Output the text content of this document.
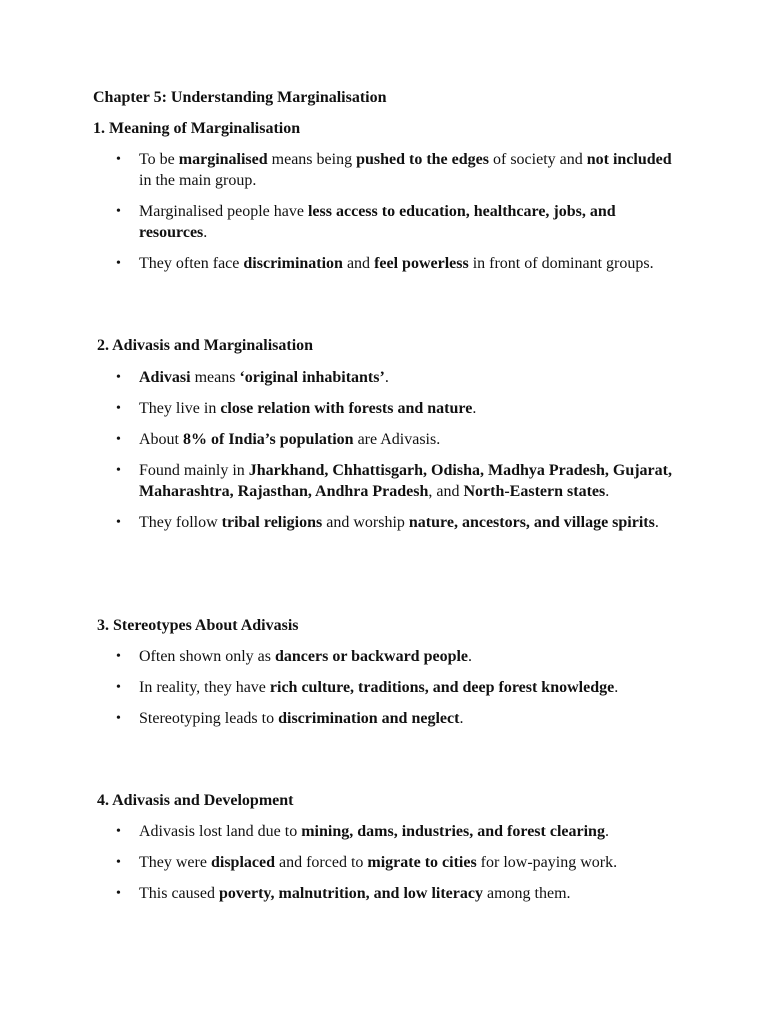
Chapter 5: Understanding Marginalisation
1. Meaning of Marginalisation
• To be marginalised means being pushed to the edges of society and not included in the main group.
• Marginalised people have less access to education, healthcare, jobs, and resources.
• They often face discrimination and feel powerless in front of dominant groups.
2. Adivasis and Marginalisation
• Adivasi means ‘original inhabitants’.
• They live in close relation with forests and nature.
• About 8% of India’s population are Adivasis.
• Found mainly in Jharkhand, Chhattisgarh, Odisha, Madhya Pradesh, Gujarat, Maharashtra, Rajasthan, Andhra Pradesh, and North-Eastern states.
• They follow tribal religions and worship nature, ancestors, and village spirits.
3. Stereotypes About Adivasis
• Often shown only as dancers or backward people.
• In reality, they have rich culture, traditions, and deep forest knowledge.
• Stereotyping leads to discrimination and neglect.
4. Adivasis and Development
• Adivasis lost land due to mining, dams, industries, and forest clearing.
• They were displaced and forced to migrate to cities for low-paying work.
• This caused poverty, malnutrition, and low literacy among them.
